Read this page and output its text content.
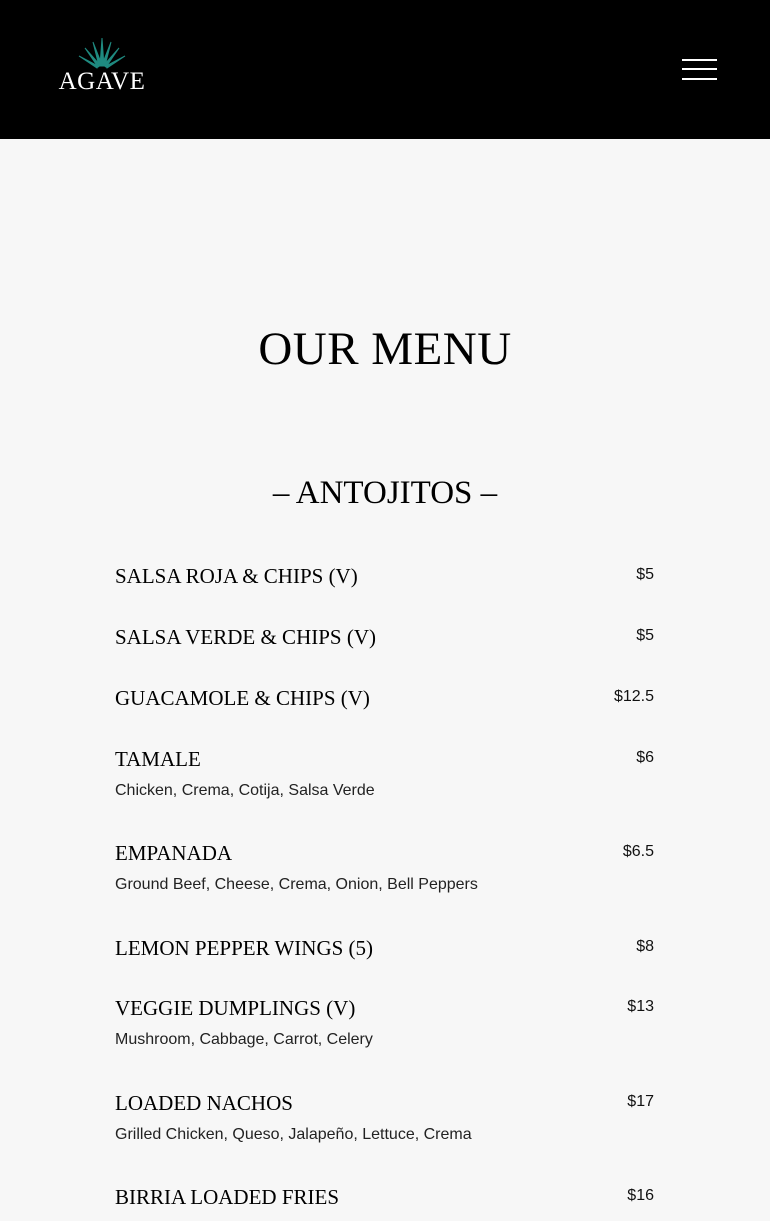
AGAVE
OUR MENU
– ANTOJITOS –
SALSA ROJA & CHIPS (V)	$5
SALSA VERDE & CHIPS (V)	$5
GUACAMOLE & CHIPS (V)	$12.5
TAMALE	$6
Chicken, Crema, Cotija, Salsa Verde
EMPANADA	$6.5
Ground Beef, Cheese, Crema, Onion, Bell Peppers
LEMON PEPPER WINGS (5)	$8
VEGGIE DUMPLINGS (V)	$13
Mushroom, Cabbage, Carrot, Celery
LOADED NACHOS	$17
Grilled Chicken, Queso, Jalapeño, Lettuce, Crema
BIRRIA LOADED FRIES	$16
